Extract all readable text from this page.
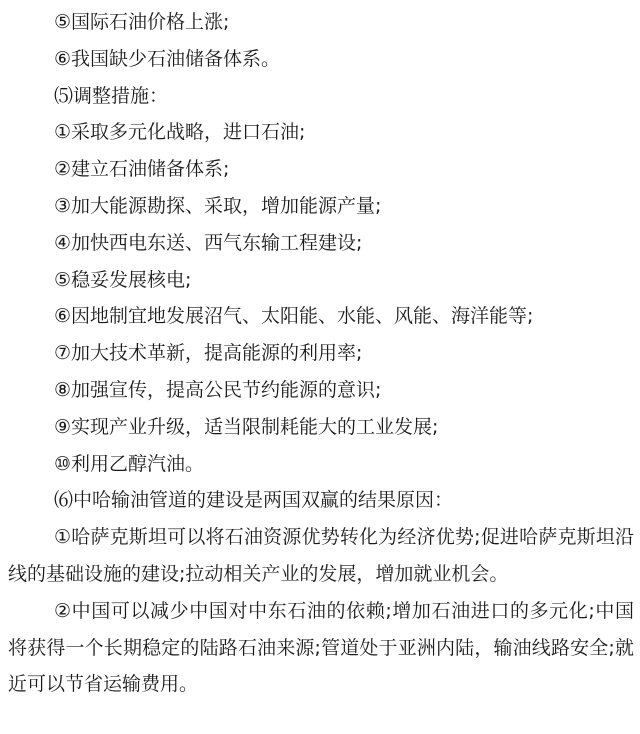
⑤国际石油价格上涨;

⑥我国缺少石油储备体系。

⑸调整措施：

①采取多元化战略，进口石油;

②建立石油储备体系;

③加大能源勘探、采取，增加能源产量;

④加快西电东送、西气东输工程建设;

⑤稳妥发展核电;

⑥因地制宜地发展沼气、太阳能、水能、风能、海洋能等;

⑦加大技术革新，提高能源的利用率;

⑧加强宣传，提高公民节约能源的意识;

⑨实现产业升级，适当限制耗能大的工业发展;

⑩利用乙醇汽油。

⑹中哈输油管道的建设是两国双赢的结果原因：

①哈萨克斯坦可以将石油资源优势转化为经济优势;促进哈萨克斯坦沿线的基础设施的建设;拉动相关产业的发展，增加就业机会。

②中国可以减少中国对中东石油的依赖;增加石油进口的多元化;中国将获得一个长期稳定的陆路石油来源;管道处于亚洲内陆，输油线路安全;就近可以节省运输费用。
